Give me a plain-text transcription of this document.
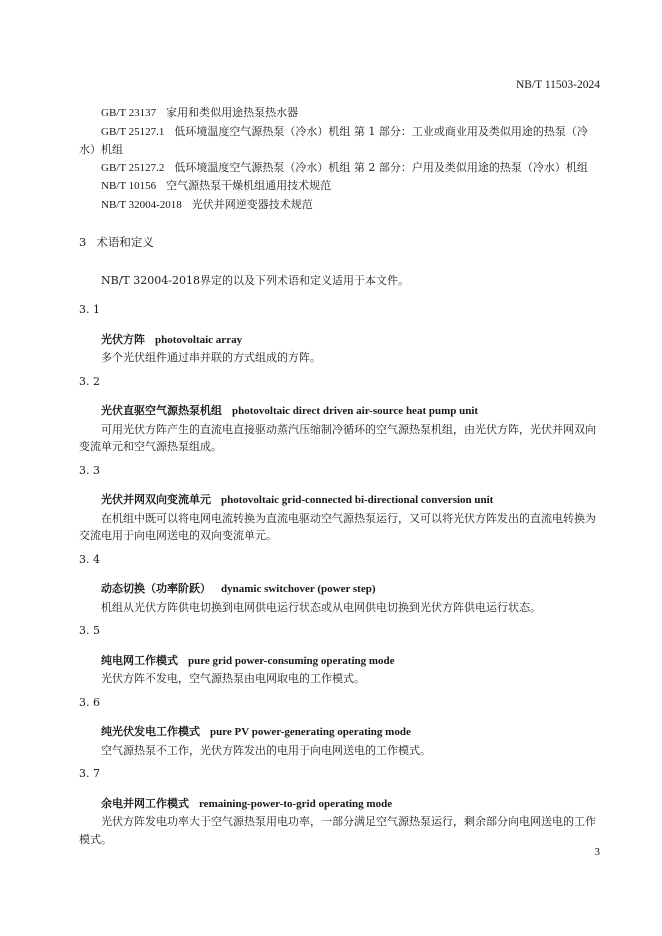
NB/T 11503-2024

GB/T 23137 家用和类似用途热泵热水器

GB/T 25127.1 低环境温度空气源热泵（冷水）机组 第 1 部分：工业或商业用及类似用途的热泵（冷水）机组

GB/T 25127.2 低环境温度空气源热泵（冷水）机组 第 2 部分：户用及类似用途的热泵（冷水）机组

NB/T 10156 空气源热泵干燥机组通用技术规范

NB/T 32004-2018 光伏并网逆变器技术规范

3 术语和定义

NB/T 32004-2018界定的以及下列术语和定义适用于本文件。

3. 1

光伏方阵 photovoltaic array

多个光伏组件通过串并联的方式组成的方阵。

3. 2

光伏直驱空气源热泵机组 photovoltaic direct driven air-source heat pump unit

可用光伏方阵产生的直流电直接驱动蒸汽压缩制冷循环的空气源热泵机组，由光伏方阵，光伏并网双向变流单元和空气源热泵组成。

3. 3

光伏并网双向变流单元 photovoltaic grid-connected bi-directional conversion unit

在机组中既可以将电网电流转换为直流电驱动空气源热泵运行，又可以将光伏方阵发出的直流电转换为交流电用于向电网送电的双向变流单元。

3. 4

动态切换（功率阶跃） dynamic switchover (power step)

机组从光伏方阵供电切换到电网供电运行状态或从电网供电切换到光伏方阵供电运行状态。

3. 5

纯电网工作模式 pure grid power-consuming operating mode

光伏方阵不发电，空气源热泵由电网取电的工作模式。

3. 6

纯光伏发电工作模式 pure PV power-generating operating mode

空气源热泵不工作，光伏方阵发出的电用于向电网送电的工作模式。

3. 7

余电并网工作模式 remaining-power-to-grid operating mode

光伏方阵发电功率大于空气源热泵用电功率，一部分满足空气源热泵运行，剩余部分向电网送电的工作模式。

3
